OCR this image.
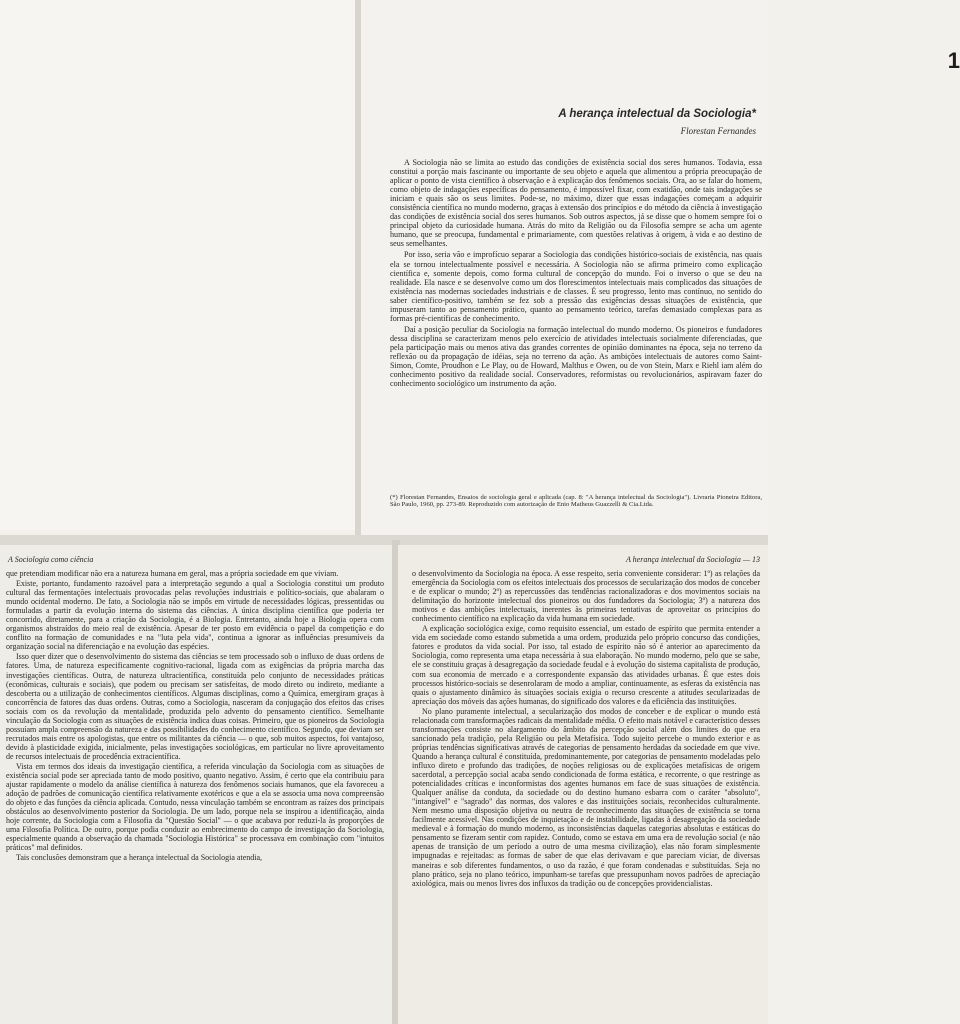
1
A herança intelectual da Sociologia*
Florestan Fernandes

A Sociologia não se limita ao estudo das condições de existência social dos seres humanos. Todavia, essa constitui a porção mais fascinante ou importante de seu objeto e aquela que alimentou a própria preocupação de aplicar o ponto de vista científico à observação e à explicação dos fenômenos sociais. Ora, ao se falar do homem, como objeto de indagações específicas do pensamento, é impossível fixar, com exatidão, onde tais indagações se iniciam e quais são os seus limites. Pode-se, no máximo, dizer que essas indagações começam a adquirir consistência científica no mundo moderno, graças à extensão dos princípios e do método da ciência à investigação das condições de existência social dos seres humanos. Sob outros aspectos, já se disse que o homem sempre foi o principal objeto da curiosidade humana. Atrás do mito da Religião ou da Filosofia sempre se acha um agente humano, que se preocupa, fundamental e primariamente, com questões relativas à origem, à vida e ao destino de seus semelhantes.

Por isso, seria vão e improfícuo separar a Sociologia das condições histórico-sociais de existência, nas quais ela se tornou intelectualmente possível e necessária. A Sociologia não se afirma primeiro como explicação científica e, somente depois, como forma cultural de concepção do mundo. Foi o inverso o que se deu na realidade. Ela nasce e se desenvolve como um dos florescimentos intelectuais mais complicados das situações de existência nas modernas sociedades industriais e de classes. É seu progresso, lento mas contínuo, no sentido do saber científico-positivo, também se fez sob a pressão das exigências dessas situações de existência, que impuseram tanto ao pensamento prático, quanto ao pensamento teórico, tarefas demasiado complexas para as formas pré-científicas de conhecimento.

Daí a posição peculiar da Sociologia na formação intelectual do mundo moderno. Os pioneiros e fundadores dessa disciplina se caracterizam menos pelo exercício de atividades intelectuais socialmente diferenciadas, que pela participação mais ou menos ativa das grandes correntes de opinião dominantes na época, seja no terreno da reflexão ou da propagação de idéias, seja no terreno da ação. As ambições intelectuais de autores como Saint-Simon, Comte, Proudhon e Le Play, ou de Howard, Malthus e Owen, ou de von Stein, Marx e Riehl iam além do conhecimento positivo da realidade social. Conservadores, reformistas ou revolucionários, aspiravam fazer do conhecimento sociológico um instrumento da ação.

(*) Florestan Fernandes, Ensaios de sociologia geral e aplicada (cap. 8: "A herança intelectual da Sociologia"). Livraria Pioneira Editora, São Paulo, 1960, pp. 273-89. Reproduzido com autorização de Enio Matheus Guazzelli & Cia.Ltda.

A Sociologia como ciência

que pretendiam modificar não era a natureza humana em geral, mas a própria sociedade em que viviam.

Existe, portanto, fundamento razoável para a interpretação segundo a qual a Sociologia constitui um produto cultural das fermentações intelectuais provocadas pelas revoluções industriais e político-sociais, que abalaram o mundo ocidental moderno. De fato, a Sociologia não se impôs em virtude de necessidades lógicas, pressentidas ou formuladas a partir da evolução interna do sistema das ciências. A única disciplina científica que poderia ter concorrido, diretamente, para a criação da Sociologia, é a Biologia. Entretanto, ainda hoje a Biologia opera com organismos abstraídos do meio real de existência. Apesar de ter posto em evidência o papel da competição e do conflito na formação de comunidades e na "luta pela vida", continua a ignorar as influências presumíveis da organização social na diferenciação e na evolução das espécies.

Isso quer dizer que o desenvolvimento do sistema das ciências se tem processado sob o influxo de duas ordens de fatores. Uma, de natureza especificamente cognitivo-racional, ligada com as exigências da própria marcha das investigações científicas. Outra, de natureza ultracientífica, constituída pelo conjunto de necessidades práticas (econômicas, culturais e sociais), que podem ou precisam ser satisfeitas, de modo direto ou indireto, mediante a descoberta ou a utilização de conhecimentos científicos. Algumas disciplinas, como a Química, emergiram graças à concorrência de fatores das duas ordens. Outras, como a Sociologia, nasceram da conjugação dos efeitos das crises sociais com os da revolução da mentalidade, produzida pelo advento do pensamento científico. Semelhante vinculação da Sociologia com as situações de existência indica duas coisas. Primeiro, que os pioneiros da Sociologia possuíam ampla compreensão da natureza e das possibilidades do conhecimento científico. Segundo, que deviam ser recrutados mais entre os apologistas, que entre os militantes da ciência — o que, sob muitos aspectos, foi vantajoso, devido à plasticidade exigida, inicialmente, pelas investigações sociológicas, em particular no livre aproveitamento de recursos intelectuais de procedência extracientífica.

Vista em termos dos ideais da investigação científica, a referida vinculação da Sociologia com as situações de existência social pode ser apreciada tanto de modo positivo, quanto negativo. Assim, é certo que ela contribuiu para ajustar rapidamente o modelo da análise científica à natureza dos fenômenos sociais humanos, que ela favoreceu a adoção de padrões de comunicação científica relativamente exotéricos e que a ela se associa uma nova compreensão do objeto e das funções da ciência aplicada. Contudo, nessa vinculação também se encontram as raízes dos principais obstáculos ao desenvolvimento posterior da Sociologia. De um lado, porque nela se inspirou a identificação, ainda hoje corrente, da Sociologia com a Filosofia da "Questão Social" — o que acabava por reduzi-la às proporções de uma Filosofia Política. De outro, porque podia conduzir ao embrecimento do campo de investigação da Sociologia, especialmente quando a observação da chamada "Sociologia Histórica" se processava em combinação com "intuitos práticos" mal definidos.

Tais conclusões demonstram que a herança intelectual da Sociologia atendia,

A herança intelectual da Sociologia — 13

o desenvolvimento da Sociologia na época. A esse respeito, seria conveniente considerar: 1º) as relações da emergência da Sociologia com os efeitos intelectuais dos processos de secularização dos modos de conceber e de explicar o mundo; 2º) as repercussões das tendências racionalizadoras e dos movimentos sociais na delimitação do horizonte intelectual dos pioneiros ou dos fundadores da Sociologia; 3º) a natureza dos motivos e das ambições intelectuais, inerentes às primeiras tentativas de aproveitar os princípios do conhecimento científico na explicação da vida humana em sociedade.

A explicação sociológica exige, como requisito essencial, um estado de espírito que permita entender a vida em sociedade como estando submetida a uma ordem, produzida pelo próprio concurso das condições, fatores e produtos da vida social. Por isso, tal estado de espírito não só é anterior ao aparecimento da Sociologia, como representa uma etapa necessária à sua elaboração. No mundo moderno, pelo que se sabe, ele se constituiu graças à desagregação da sociedade feudal e à evolução do sistema capitalista de produção, com sua economia de mercado e a correspondente expansão das atividades urbanas. É que estes dois processos histórico-sociais se desenrolaram de modo a ampliar, continuamente, as esferas da existência nas quais o ajustamento dinâmico às situações sociais exigia o recurso crescente a atitudes secularizadas de apreciação dos móveis das ações humanas, do significado dos valores e da eficiência das instituições.

No plano puramente intelectual, a secularização dos modos de conceber e de explicar o mundo está relacionada com transformações radicais da mentalidade média. O efeito mais notável e característico desses transformações consiste no alargamento do âmbito da percepção social além dos limites do que era sancionado pela tradição, pela Religião ou pela Metafísica. Todo sujeito percebe o mundo exterior e as próprias tendências significativas através de categorias de pensamento herdadas da sociedade em que vive. Quando a herança cultural é constituída, predominantemente, por categorias de pensamento modeladas pelo influxo direto e profundo das tradições, de noções religiosas ou de explicações metafísicas de origem sacerdotal, a percepção social acaba sendo condicionada de forma estática, e recorrente, o que restringe as potencialidades críticas e inconformistas dos agentes humanos em face de suas situações de existência. Qualquer análise da conduta, da sociedade ou do destino humano esbarra com o caráter "absoluto", "intangível" e "sagrado" das normas, dos valores e das instituições sociais, reconhecidos culturalmente. Nem mesmo uma disposição objetiva ou neutra de reconhecimento das situações de existência se torna facilmente acessível. Nas condições de inquietação e de instabilidade, ligadas à desagregação da sociedade medieval e à formação do mundo moderno, as inconsistências daquelas categorias absolutas e estáticas do pensamento se fizeram sentir com rapidez. Contudo, como se estava em uma era de revolução social (e não apenas de transição de um período a outro de uma mesma civilização), elas não foram simplesmente impugnadas e rejeitadas: as formas de saber de que elas derivavam e que pareciam viciar, de diversas maneiras e sob diferentes fundamentos, o uso da razão, é que foram condenadas e substituídas. Seja no plano prático, seja no plano teórico, impunham-se tarefas que pressupunham novos padrões de apreciação axiológica, mais ou menos livres dos influxos da tradição ou de concepções providencialistas.
